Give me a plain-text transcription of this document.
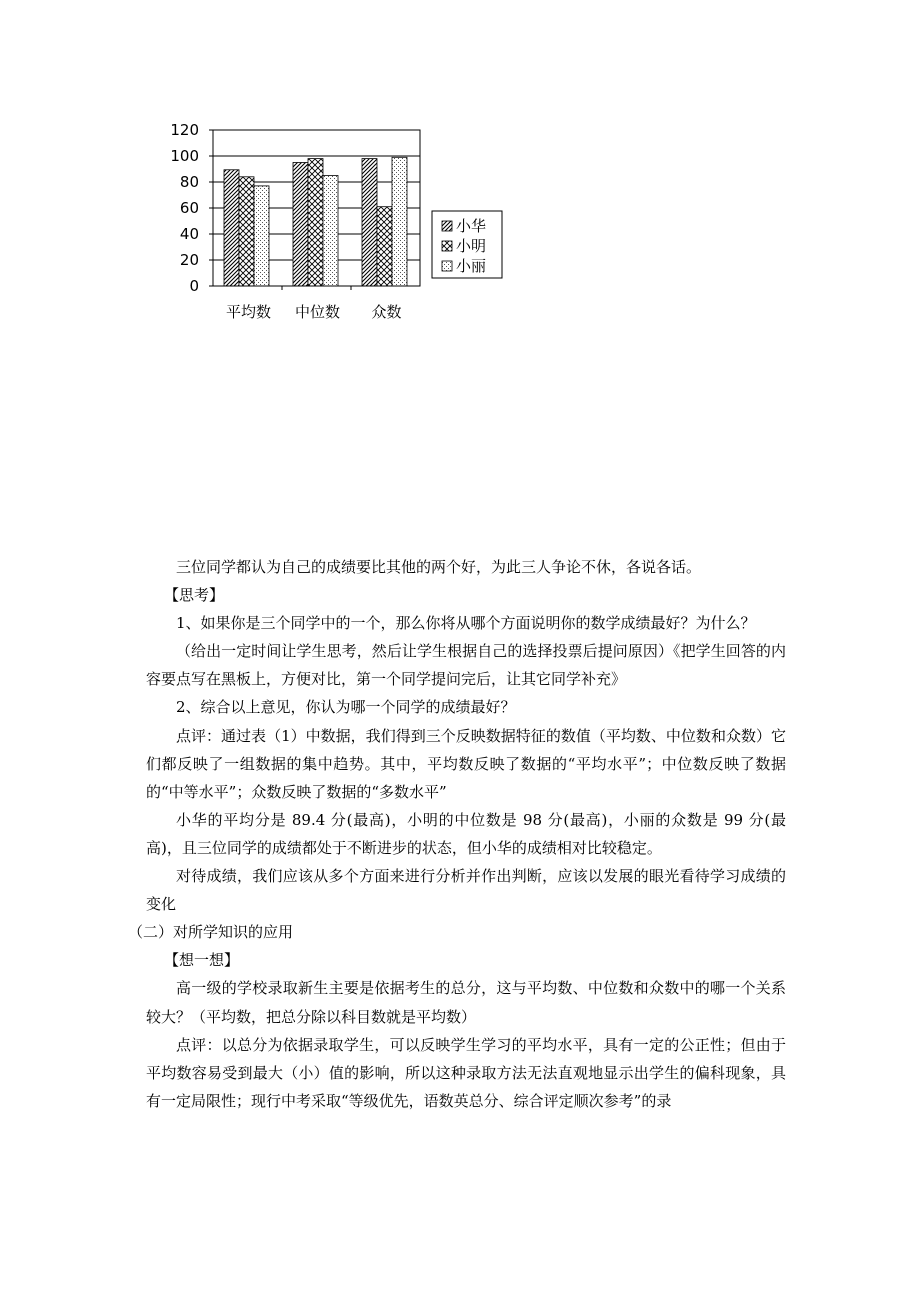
0
20
40
60
80
100
120
平均数 中位数 众数
小华
小明
小丽

三位同学都认为自己的成绩要比其他的两个好，为此三人争论不休，各说各话。

【思考】

1、如果你是三个同学中的一个，那么你将从哪个方面说明你的数学成绩最好？为什么？

（给出一定时间让学生思考，然后让学生根据自己的选择投票后提问原因）《把学生回答的内容要点写在黑板上，方便对比，第一个同学提问完后，让其它同学补充》

2、综合以上意见，你认为哪一个同学的成绩最好？

点评：通过表（1）中数据，我们得到三个反映数据特征的数值（平均数、中位数和众数）它们都反映了一组数据的集中趋势。其中，平均数反映了数据的“平均水平”；中位数反映了数据的“中等水平”；众数反映了数据的“多数水平”

小华的平均分是 89.4 分(最高)，小明的中位数是 98 分(最高)，小丽的众数是 99 分(最高)，且三位同学的成绩都处于不断进步的状态，但小华的成绩相对比较稳定。

对待成绩，我们应该从多个方面来进行分析并作出判断，应该以发展的眼光看待学习成绩的变化

（二）对所学知识的应用

【想一想】

高一级的学校录取新生主要是依据考生的总分，这与平均数、中位数和众数中的哪一个关系较大？（平均数，把总分除以科目数就是平均数）

点评：以总分为依据录取学生，可以反映学生学习的平均水平，具有一定的公正性；但由于平均数容易受到最大（小）值的影响，所以这种录取方法无法直观地显示出学生的偏科现象，具有一定局限性；现行中考采取“等级优先，语数英总分、综合评定顺次参考”的录
